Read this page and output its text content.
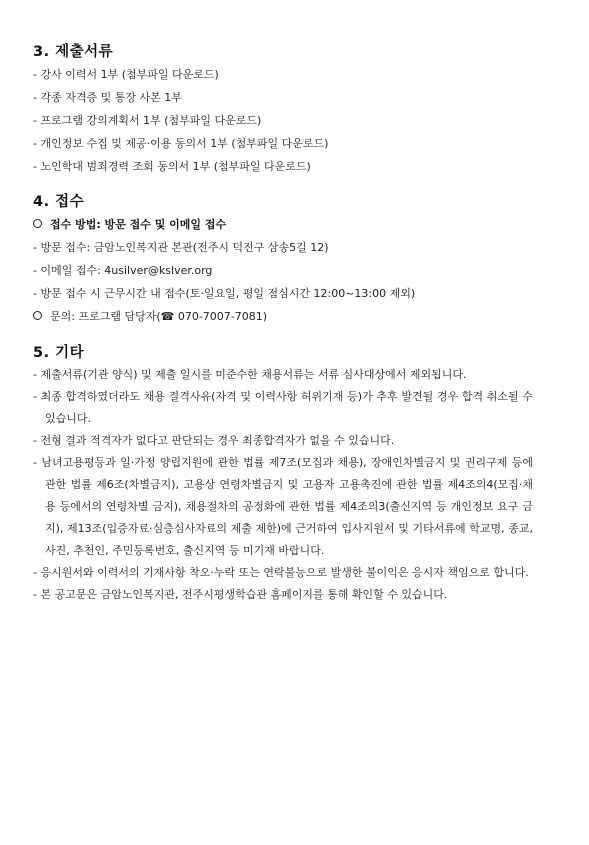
3. 제출서류
- 강사 이력서 1부 (첨부파일 다운로드)
- 각종 자격증 및 통장 사본 1부
- 프로그램 강의계획서 1부 (첨부파일 다운로드)
- 개인정보 수집 및 제공·이용 동의서 1부 (첨부파일 다운로드)
- 노인학대 범죄경력 조회 동의서 1부 (첨부파일 다운로드)
4. 접수
접수 방법: 방문 접수 및 이메일 접수
- 방문 접수: 금암노인복지관 본관(전주시 덕진구 삼송5길 12)
- 이메일 접수: 4usilver@kslver.org
- 방문 접수 시 근무시간 내 접수(토·일요일, 평일 점심시간 12:00~13:00 제외)
문의: 프로그램 담당자(☎ 070-7007-7081)
5. 기타
- 제출서류(기관 양식) 및 제출 일시를 미준수한 채용서류는 서류 심사대상에서 제외됩니다.
- 최종 합격하였더라도 채용 결격사유(자격 및 이력사항 허위기재 등)가 추후 발견될 경우 합격 취소될 수 있습니다.
- 전형 결과 적격자가 없다고 판단되는 경우 최종합격자가 없을 수 있습니다.
- 남녀고용평등과 일·가정 양립지원에 관한 법률 제7조(모집과 채용), 장애인차별금지 및 권리구제 등에 관한 법률 제6조(차별금지), 고용상 연령차별금지 및 고용자 고용촉진에 관한 법률 제4조의4(모집·채용 등에서의 연령차별 금지), 채용절차의 공정화에 관한 법률 제4조의3(출신지역 등 개인정보 요구 금지), 제13조(입증자료·심층심사자료의 제출 제한)에 근거하여 입사지원서 및 기타서류에 학교명, 종교, 사진, 추천인, 주민등록번호, 출신지역 등 미기재 바랍니다.
- 응시원서와 이력서의 기재사항 착오·누락 또는 연락불능으로 발생한 불이익은 응시자 책임으로 합니다.
- 본 공고문은 금암노인복지관, 전주시평생학습관 홈페이지를 통해 확인할 수 있습니다.
